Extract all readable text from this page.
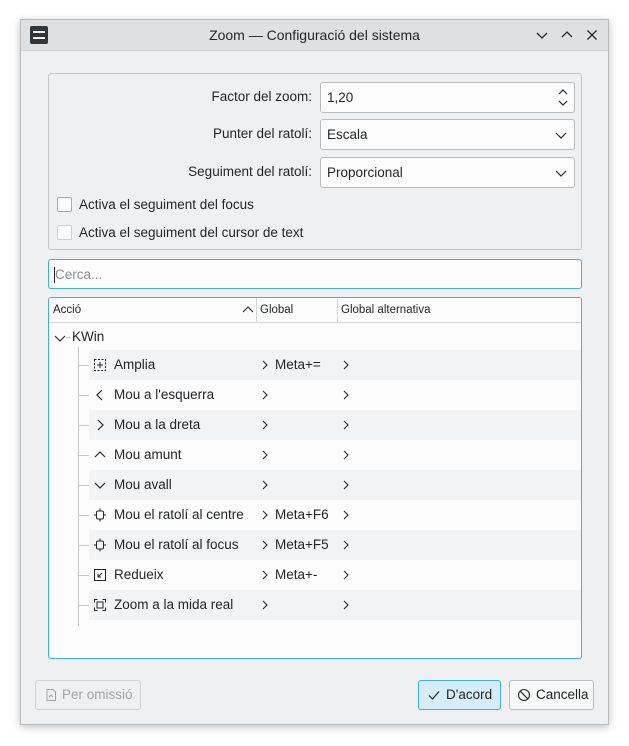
Zoom — Configuració del sistema
Factor del zoom: 1,20
Punter del ratolí: Escala
Seguiment del ratolí: Proporcional
Activa el seguiment del focus
Activa el seguiment del cursor de text
Cerca...
Acció	Global	Global alternativa
KWin
Amplia	Meta+=
Mou a l'esquerra
Mou a la dreta
Mou amunt
Mou avall
Mou el ratolí al centre Meta+F6
Mou el ratolí al focus	Meta+F5
Redueix	Meta+-
Zoom a la mida real
Per omissió	D'acord	Cancella
